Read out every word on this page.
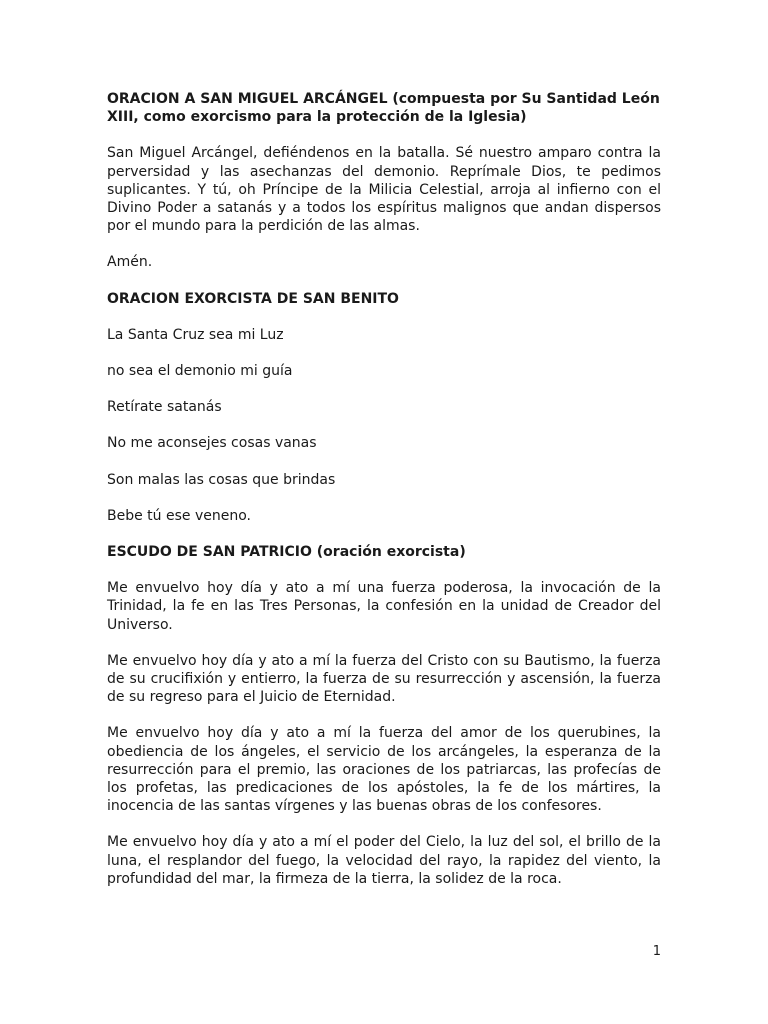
ORACION A SAN MIGUEL ARCÁNGEL (compuesta por Su Santidad León XIII, como exorcismo para la protección de la Iglesia)

San Miguel Arcángel, defiéndenos en la batalla. Sé nuestro amparo contra la perversidad y las asechanzas del demonio. Reprímale Dios, te pedimos suplicantes. Y tú, oh Príncipe de la Milicia Celestial, arroja al infierno con el Divino Poder a satanás y a todos los espíritus malignos que andan dispersos por el mundo para la perdición de las almas.

Amén.

ORACION EXORCISTA DE SAN BENITO

La Santa Cruz sea mi Luz

no sea el demonio mi guía

Retírate satanás

No me aconsejes cosas vanas

Son malas las cosas que brindas

Bebe tú ese veneno.

ESCUDO DE SAN PATRICIO (oración exorcista)

Me envuelvo hoy día y ato a mí una fuerza poderosa, la invocación de la Trinidad, la fe en las Tres Personas, la confesión en la unidad de Creador del Universo.

Me envuelvo hoy día y ato a mí la fuerza del Cristo con su Bautismo, la fuerza de su crucifixión y entierro, la fuerza de su resurrección y ascensión, la fuerza de su regreso para el Juicio de Eternidad.

Me envuelvo hoy día y ato a mí la fuerza del amor de los querubines, la obediencia de los ángeles, el servicio de los arcángeles, la esperanza de la resurrección para el premio, las oraciones de los patriarcas, las profecías de los profetas, las predicaciones de los apóstoles, la fe de los mártires, la inocencia de las santas vírgenes y las buenas obras de los confesores.

Me envuelvo hoy día y ato a mí el poder del Cielo, la luz del sol, el brillo de la luna, el resplandor del fuego, la velocidad del rayo, la rapidez del viento, la profundidad del mar, la firmeza de la tierra, la solidez de la roca.

1
